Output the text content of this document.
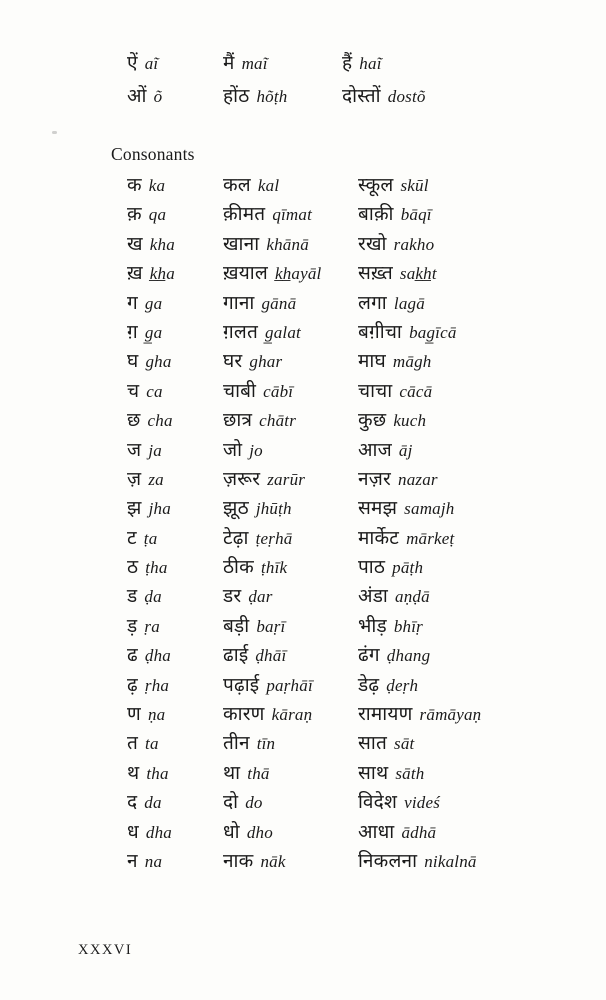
ऐं aĩ	मैं maĩ	हैं haĩ
ओं õ	होंठ hõṭh	दोस्तों dostõ
Consonants
क ka	कल kal	स्कूल skūl
क़ qa	क़ीमत qīmat	बाक़ी bāqī
ख kha	खाना khānā	रखो rakho
ख़ k̲h̲a	ख़याल k̲h̲ayāl	सख़्त sak̲h̲t
ग ga	गाना gānā	लगा lagā
ग़ g̲a	ग़लत g̲alat	बग़ीचा bag̲īcā
घ gha	घर ghar	माघ māgh
च ca	चाबी cābī	चाचा cācā
छ cha	छात्र chātr	कुछ kuch
ज ja	जो jo	आज āj
ज़ za	ज़रूर zarūr	नज़र nazar
झ jha	झूठ jhūṭh	समझ samajh
ट ṭa	टेढ़ा ṭeṛhā	मार्केट mārkeṭ
ठ ṭha	ठीक ṭhīk	पाठ pāṭh
ड ḍa	डर ḍar	अंडा aṇḍā
ड़ ṛa	बड़ी baṛī	भीड़ bhīṛ
ढ ḍha	ढाई ḍhāī	ढंग ḍhang
ढ़ ṛha	पढ़ाई paṛhāī	डेढ़ ḍeṛh
ण ṇa	कारण kāraṇ	रामायण rāmāyaṇ
त ta	तीन tīn	सात sāt
थ tha	था thā	साथ sāth
द da	दो do	विदेश videś
ध dha	धो dho	आधा ādhā
न na	नाक nāk	निकलना nikalnā
XXXVI
